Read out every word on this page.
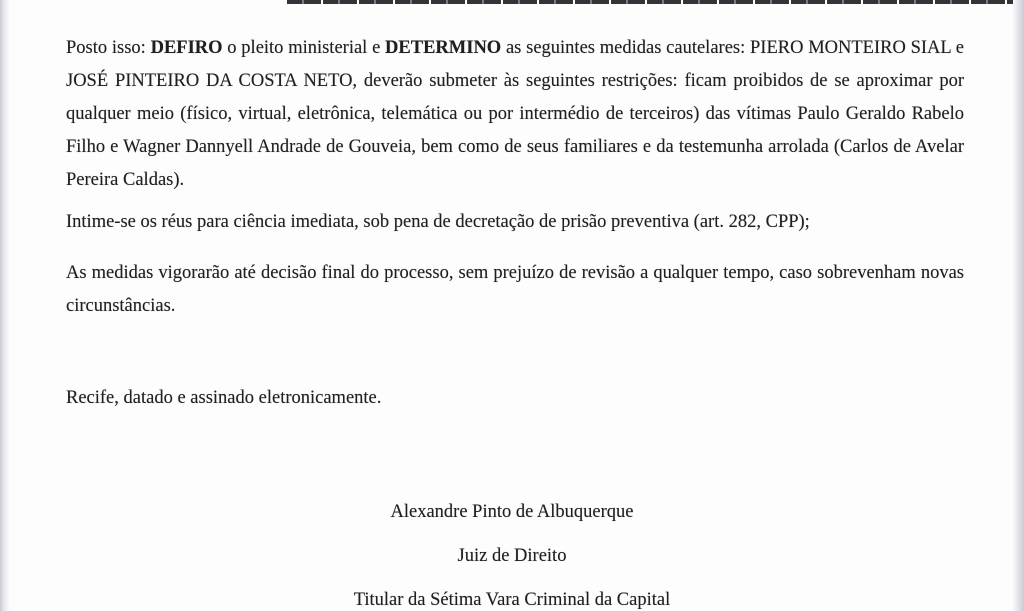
Posto isso: DEFIRO o pleito ministerial e DETERMINO as seguintes medidas cautelares: PIERO MONTEIRO SIAL e JOSÉ PINTEIRO DA COSTA NETO, deverão submeter às seguintes restrições: ficam proibidos de se aproximar por qualquer meio (físico, virtual, eletrônica, telemática ou por intermédio de terceiros) das vítimas Paulo Geraldo Rabelo Filho e Wagner Dannyell Andrade de Gouveia, bem como de seus familiares e da testemunha arrolada (Carlos de Avelar Pereira Caldas).

Intime-se os réus para ciência imediata, sob pena de decretação de prisão preventiva (art. 282, CPP);

As medidas vigorarão até decisão final do processo, sem prejuízo de revisão a qualquer tempo, caso sobrevenham novas circunstâncias.

Recife, datado e assinado eletronicamente.

Alexandre Pinto de Albuquerque
Juiz de Direito
Titular da Sétima Vara Criminal da Capital
